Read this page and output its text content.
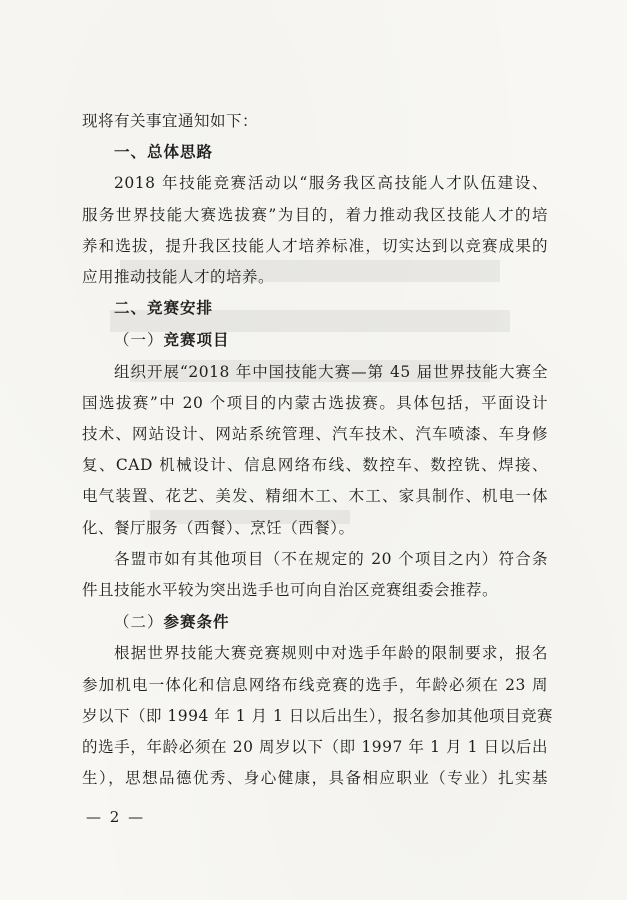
现将有关事宜通知如下：

一、总体思路

2018 年技能竞赛活动以“服务我区高技能人才队伍建设、

服务世界技能大赛选拔赛”为目的，着力推动我区技能人才的培

养和选拔，提升我区技能人才培养标准，切实达到以竞赛成果的

应用推动技能人才的培养。

二、竞赛安排

（一）竞赛项目

组织开展“2018 年中国技能大赛—第 45 届世界技能大赛全

国选拔赛”中 20 个项目的内蒙古选拔赛。具体包括，平面设计

技术、网站设计、网站系统管理、汽车技术、汽车喷漆、车身修

复、CAD 机械设计、信息网络布线、数控车、数控铣、焊接、

电气装置、花艺、美发、精细木工、木工、家具制作、机电一体

化、餐厅服务（西餐）、烹饪（西餐）。

各盟市如有其他项目（不在规定的 20 个项目之内）符合条

件且技能水平较为突出选手也可向自治区竞赛组委会推荐。

（二）参赛条件

根据世界技能大赛竞赛规则中对选手年龄的限制要求，报名

参加机电一体化和信息网络布线竞赛的选手，年龄必须在 23 周

岁以下（即 1994 年 1 月 1 日以后出生），报名参加其他项目竞赛

的选手，年龄必须在 20 周岁以下（即 1997 年 1 月 1 日以后出

生），思想品德优秀、身心健康，具备相应职业（专业）扎实基

— 2 —
